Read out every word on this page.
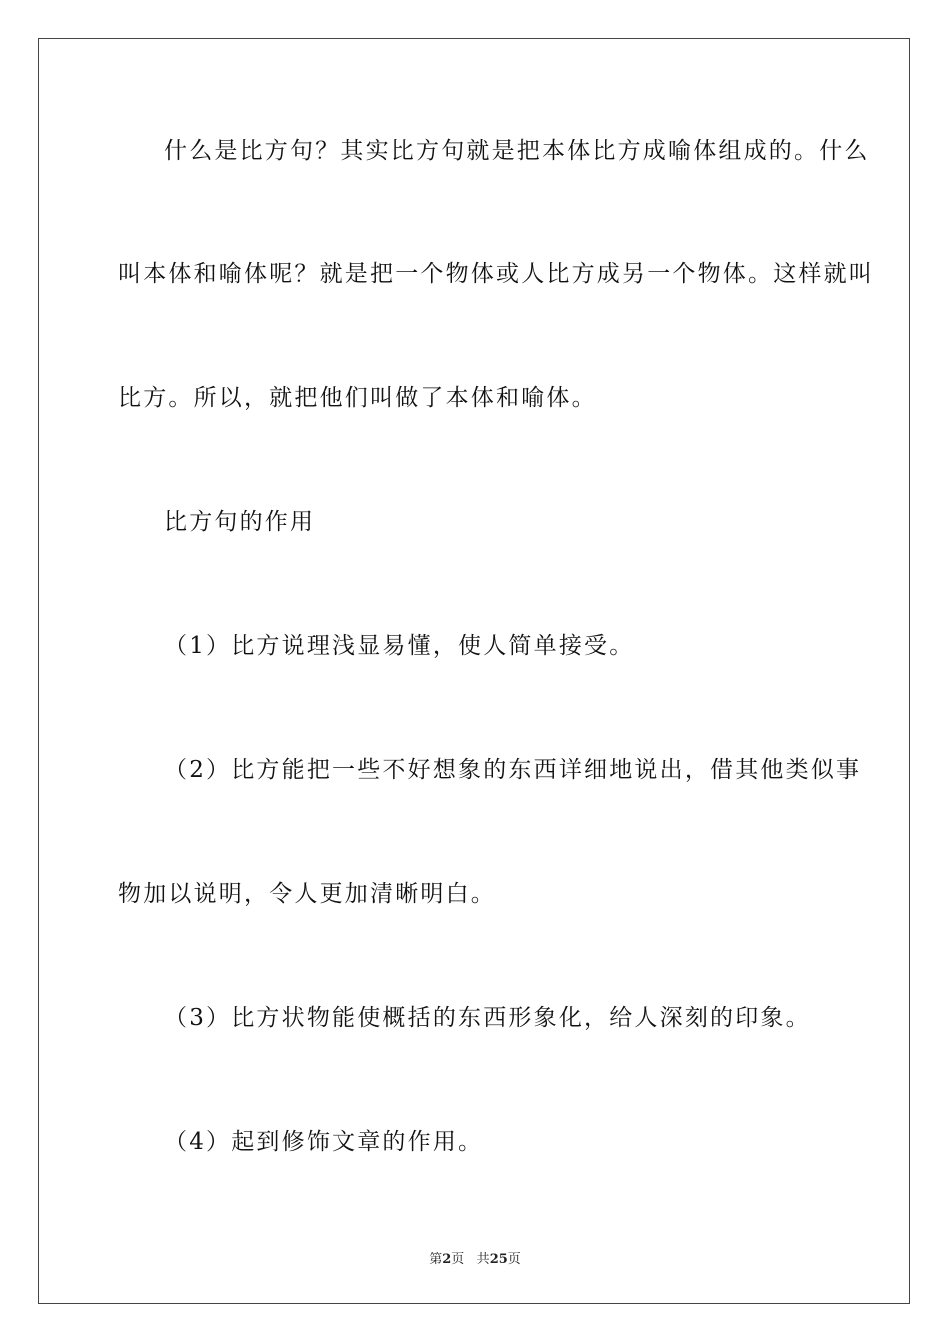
什么是比方句？其实比方句就是把本体比方成喻体组成的。什么
叫本体和喻体呢？就是把一个物体或人比方成另一个物体。这样就叫
比方。所以，就把他们叫做了本体和喻体。
比方句的作用
（1）比方说理浅显易懂，使人简单接受。
（2）比方能把一些不好想象的东西详细地说出，借其他类似事
物加以说明，令人更加清晰明白。
（3）比方状物能使概括的东西形象化，给人深刻的印象。
（4）起到修饰文章的作用。
第2页 共25页
